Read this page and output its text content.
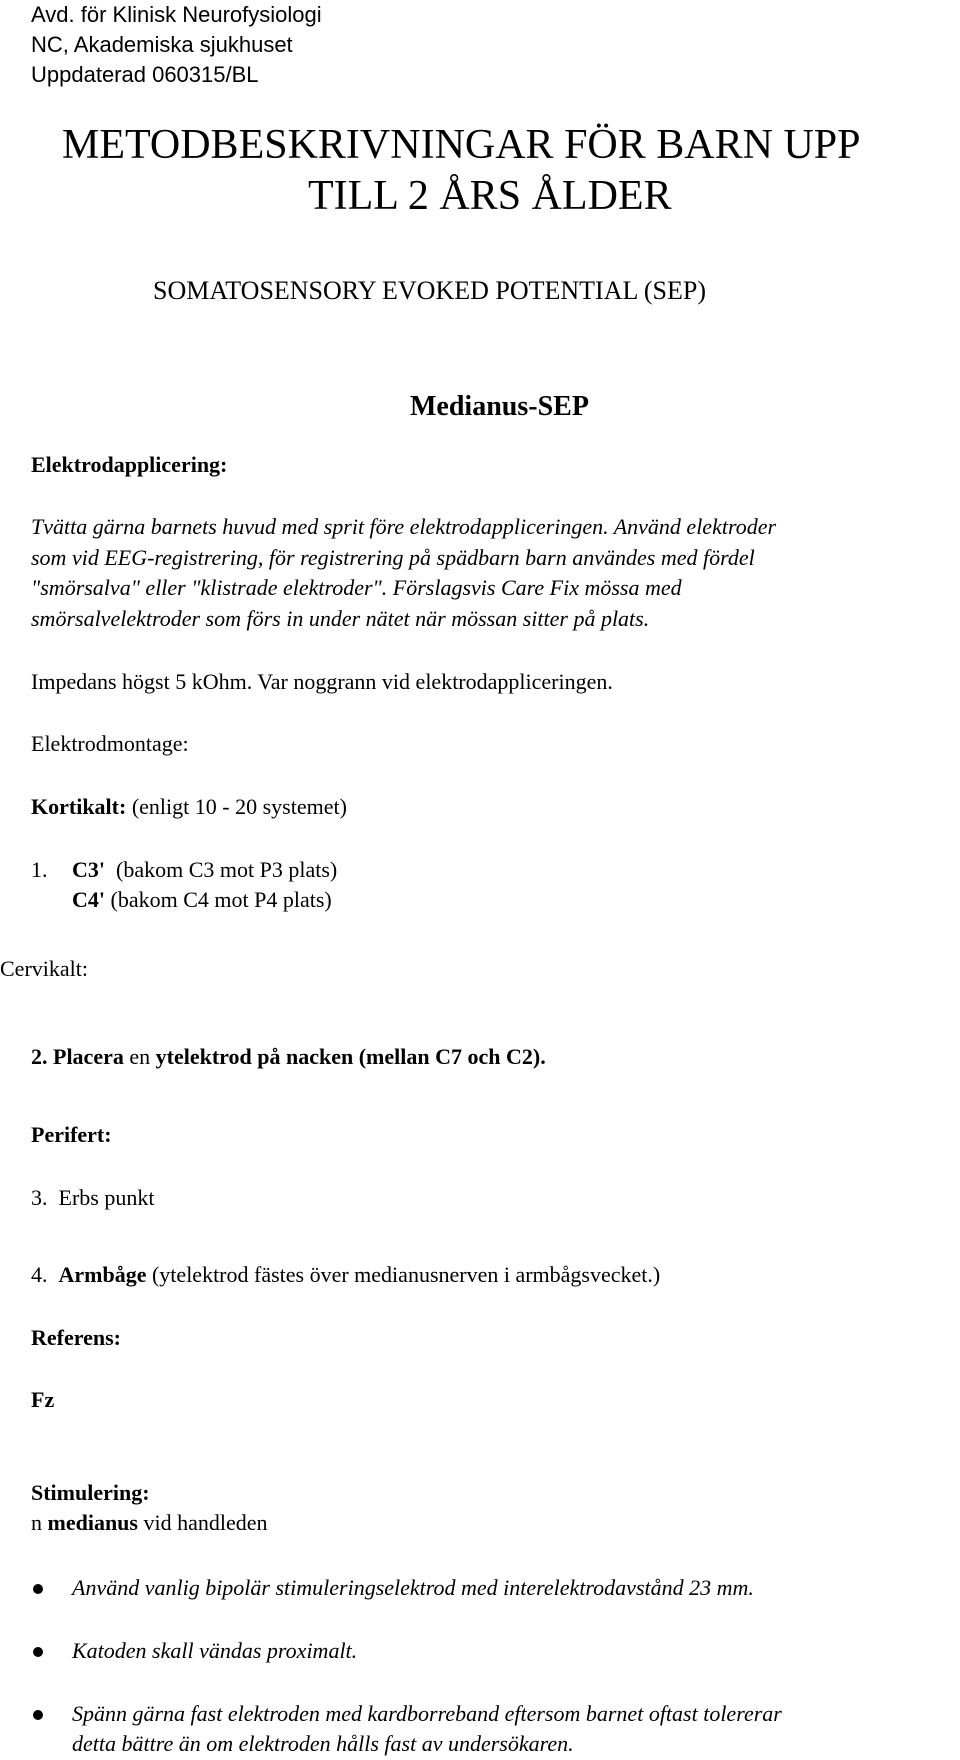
Avd. för Klinisk Neurofysiologi
NC, Akademiska sjukhuset
Uppdaterad 060315/BL
METODBESKRIVNINGAR FÖR BARN UPP
TILL 2 ÅRS ÅLDER
SOMATOSENSORY EVOKED POTENTIAL (SEP)
Medianus-SEP
Elektrodapplicering:
Tvätta gärna barnets huvud med sprit före elektrodappliceringen. Använd elektroder
som vid EEG-registrering, för registrering på spädbarn barn användes med fördel
"smörsalva" eller "klistrade elektroder". Förslagsvis Care Fix mössa med
smörsalvelektroder som förs in under nätet när mössan sitter på plats.
Impedans högst 5 kOhm. Var noggrann vid elektrodappliceringen.
Elektrodmontage:
Kortikalt: (enligt 10 - 20 systemet)
1. C3' (bakom C3 mot P3 plats)
C4' (bakom C4 mot P4 plats)
Cervikalt:
2. Placera en ytelektrod på nacken (mellan C7 och C2).
Perifert:
3.  Erbs punkt
4. Armbåge (ytelektrod fästes över medianusnerven i armbågsvecket.)
Referens:
Fz
Stimulering:
n medianus vid handleden
Använd vanlig bipolär stimuleringselektrod med interelektrodavstånd 23 mm.
Katoden skall vändas proximalt.
Spänn gärna fast elektroden med kardborreband eftersom barnet oftast tolererar
detta bättre än om elektroden hålls fast av undersökaren.
